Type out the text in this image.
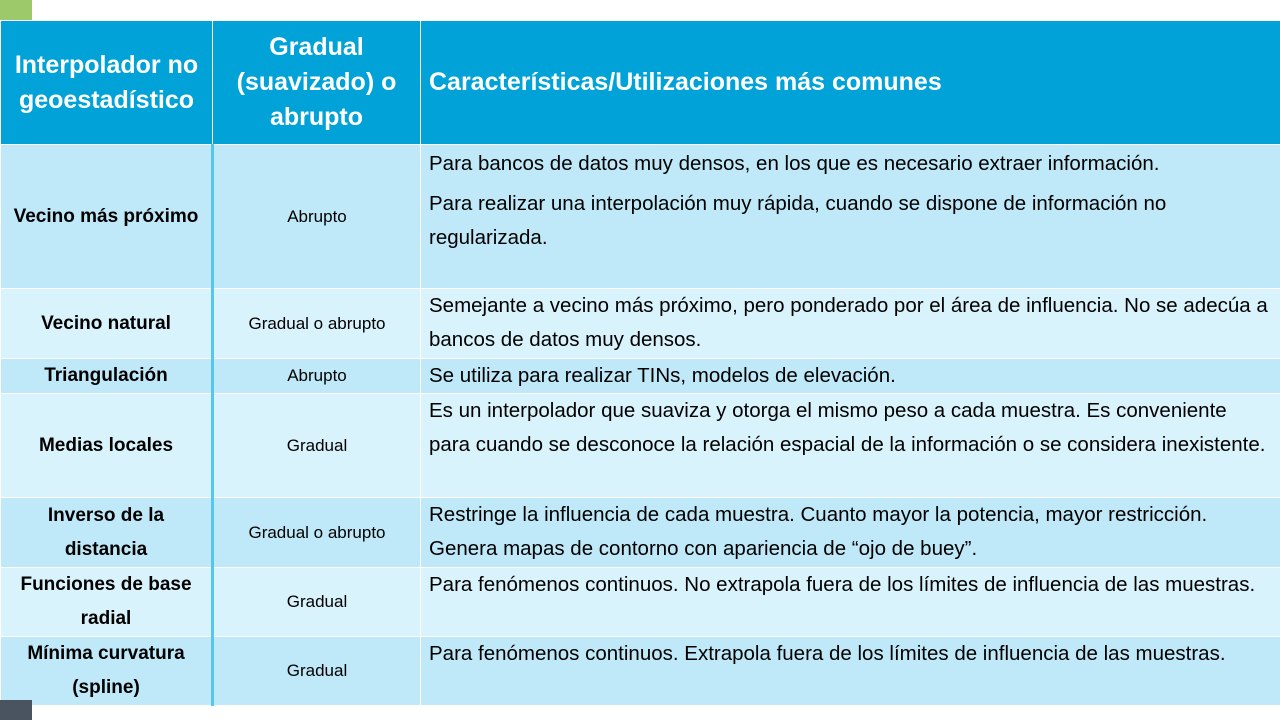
Interpolador no geoestadístico	Gradual (suavizado) o abrupto	Características/Utilizaciones más comunes
Vecino más próximo	Abrupto	Para bancos de datos muy densos, en los que es necesario extraer información.

Para realizar una interpolación muy rápida, cuando se dispone de información no regularizada.

Vecino natural	Gradual o abrupto	Semejante a vecino más próximo, pero ponderado por el área de influencia. No se adecúa a bancos de datos muy densos.
Triangulación	Abrupto	Se utiliza para realizar TINs, modelos de elevación.
Medias locales	Gradual	Es un interpolador que suaviza y otorga el mismo peso a cada muestra. Es conveniente para cuando se desconoce la relación espacial de la información o se considera inexistente.
Inverso de la distancia	Gradual o abrupto	Restringe la influencia de cada muestra. Cuanto mayor la potencia, mayor restricción. Genera mapas de contorno con apariencia de “ojo de buey”.
Funciones de base radial	Gradual	Para fenómenos continuos. No extrapola fuera de los límites de influencia de las muestras.
Mínima curvatura (spline)	Gradual	Para fenómenos continuos. Extrapola fuera de los límites de influencia de las muestras.
